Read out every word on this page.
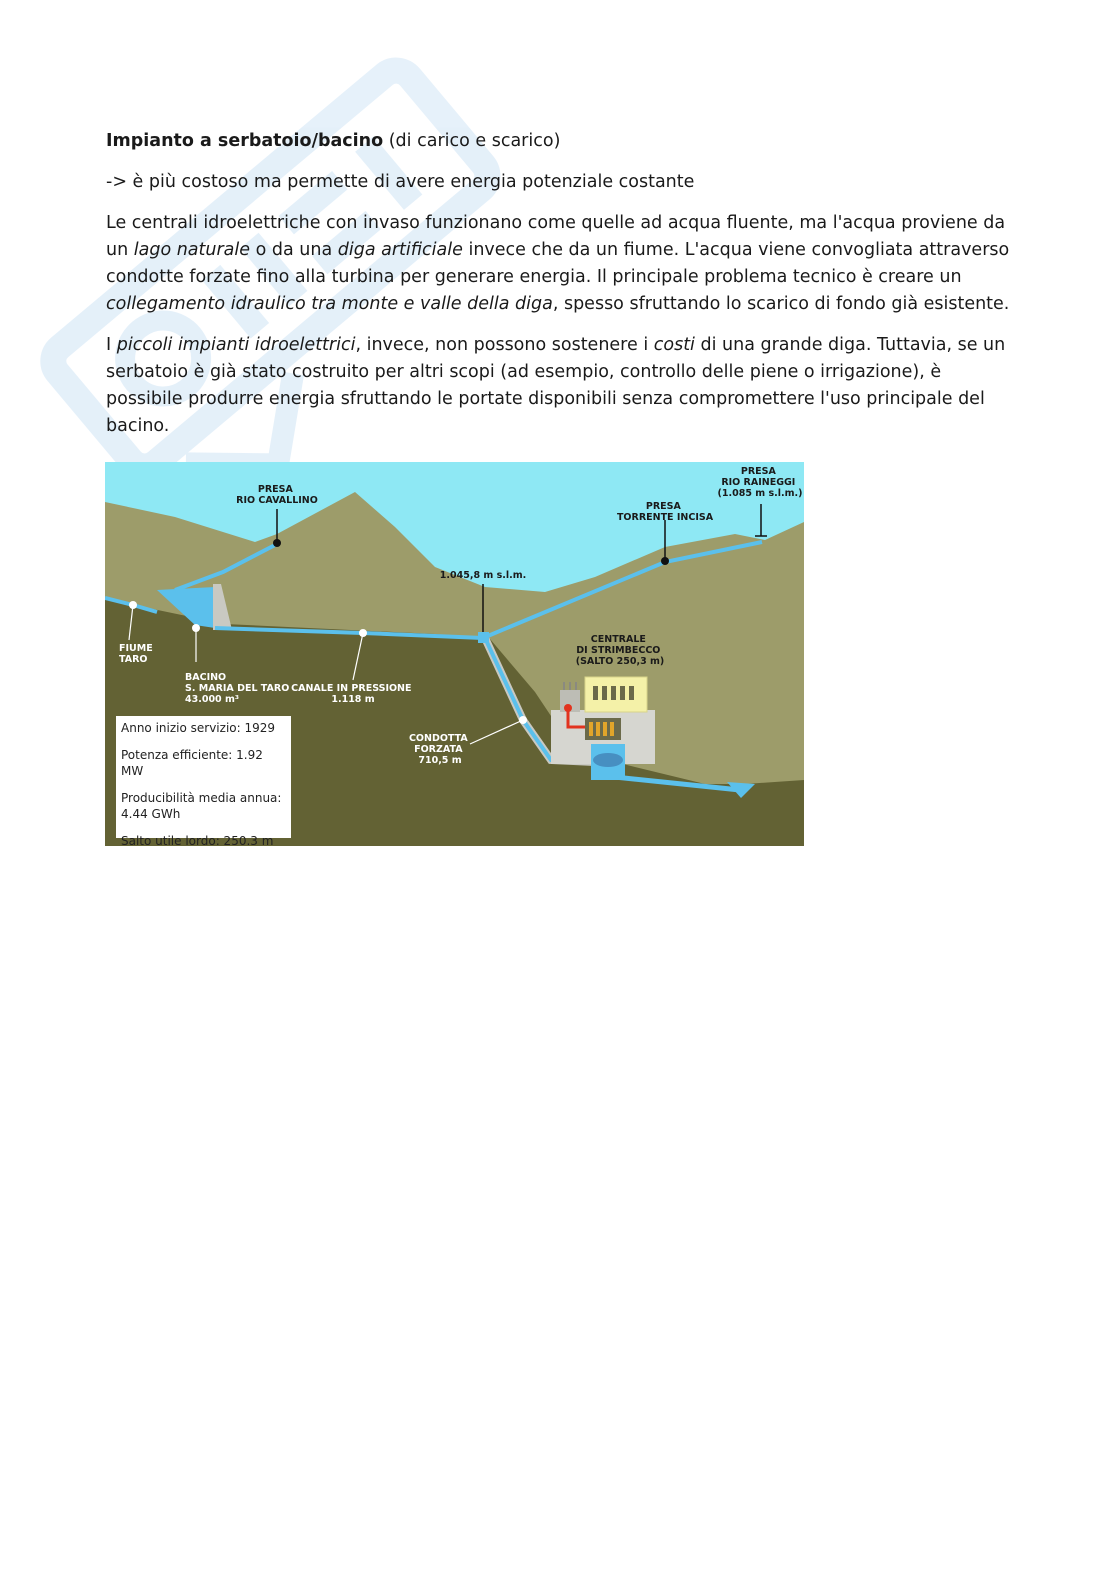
Impianto a serbatoio/bacino (di carico e scarico)

-> è più costoso ma permette di avere energia potenziale costante

Le centrali idroelettriche con invaso funzionano come quelle ad acqua fluente, ma l'acqua proviene da un lago naturale o da una diga artificiale invece che da un fiume. L'acqua viene convogliata attraverso condotte forzate fino alla turbina per generare energia. Il principale problema tecnico è creare un collegamento idraulico tra monte e valle della diga, spesso sfruttando lo scarico di fondo già esistente.

I piccoli impianti idroelettrici, invece, non possono sostenere i costi di una grande diga. Tuttavia, se un serbatoio è già stato costruito per altri scopi (ad esempio, controllo delle piene o irrigazione), è possibile produrre energia sfruttando le portate disponibili senza compromettere l'uso principale del bacino.

PRESA RIO CAVALLINO
PRESA RIO RAINEGGI (1.085 m s.l.m.)
PRESA TORRENTE INCISA
1.045,8 m s.l.m.
CENTRALE DI STRIMBECCO (SALTO 250,3 m)
FIUME TARO
BACINO S. MARIA DEL TARO 43.000 m³
CANALE IN PRESSIONE 1.118 m
CONDOTTA FORZATA 710,5 m
Anno inizio servizio: 1929
Potenza efficiente: 1.92 MW
Producibilità media annua: 4.44 GWh
Salto utile lordo: 250.3 m
